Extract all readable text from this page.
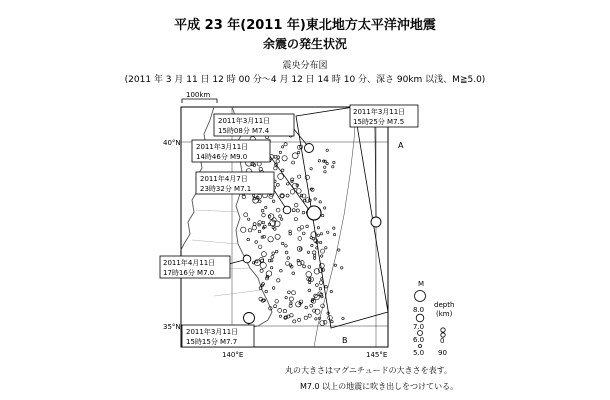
平成 23 年(2011 年)東北地方太平洋沖地震
余震の発生状況
震央分布図
(2011 年 3 月 11 日 12 時 00 分～4 月 12 日 14 時 10 分、深さ 90km 以浅、M≧5.0)
40°N
35°N
140°E	145°E
100km
A
B
2011年3月11日
15時08分 M7.4
2011年3月11日
14時46分 M9.0
2011年4月7日
23時32分 M7.1
2011年4月11日
17時16分 M7.0
2011年3月11日
15時15分 M7.7
2011年3月11日
15時25分 M7.5
M
8.0
7.0
6.0
5.0
depth
(km)
0
90
丸の大きさはマグニチュードの大きさを表す。
M7.0 以上の地震に吹き出しをつけている。
